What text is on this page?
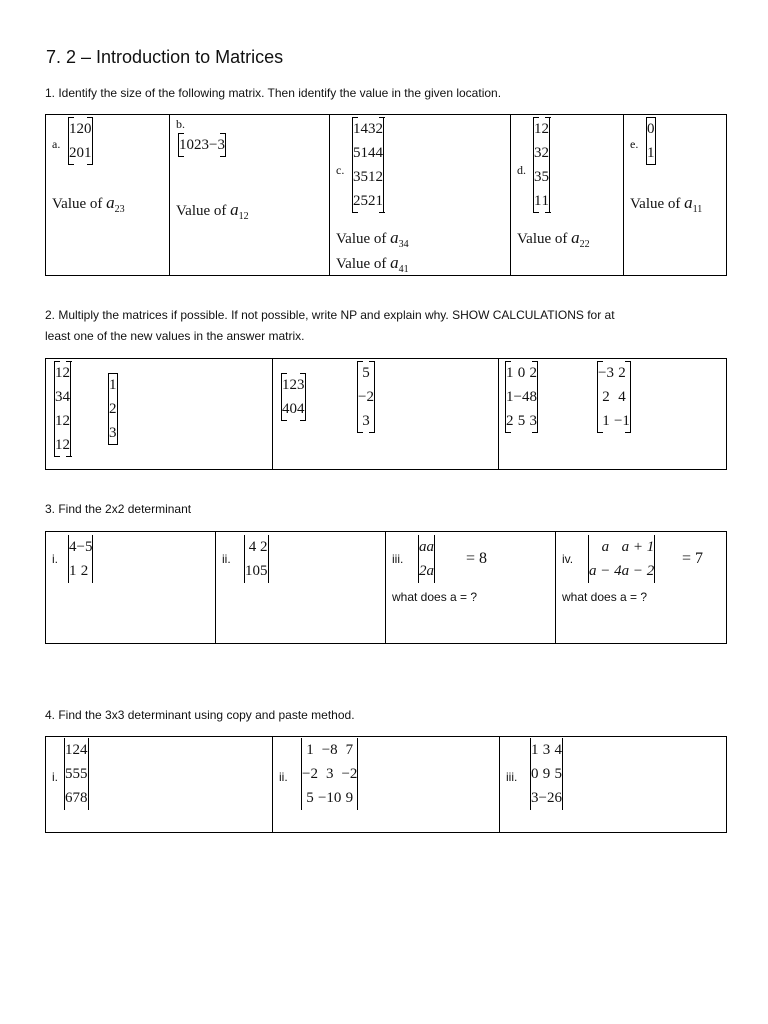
7. 2 – Introduction to Matrices
1. Identify the size of the following matrix. Then identify the value in the given location.
a.
1	2	0
2	0	1

Value of $a_{23}$

b.
1	0	2	3	−3

Value of $a_{12}$

c.
1	4	3	2
5	1	4	4
3	5	1	2
2	5	2	1

Value of $a_{34}$
Value of $a_{41}$

d.
1	2
3	2
3	5
1	1

Value of $a_{22}$

e.
0
1

Value of $a_{11}$
2. Multiply the matrices if possible. If not possible, write NP and explain why. SHOW CALCULATIONS for at
least one of the new values in the answer matrix.
1	2
3	4
1	2
1	2

1
2
3

1	2	3
4	0	4

5
−2
3

1	0	2
1	−4	8
2	5	3

−3	2
2	4
1	−1

3. Find the 2x2 determinant
i.
4	−5
1	2

ii.
4	2
10	5

iii.
a	a
2	a
= 8
what does a = ?

iv.
a	a + 1
a − 4	a − 2
= 7
what does a = ?
4. Find the 3x3 determinant using copy and paste method.
i.
1	2	4
5	5	5
6	7	8

ii.
1	−8	7
−2	3	−2
5	−10	9

iii.
1	3	4
0	9	5
3	−2	6
